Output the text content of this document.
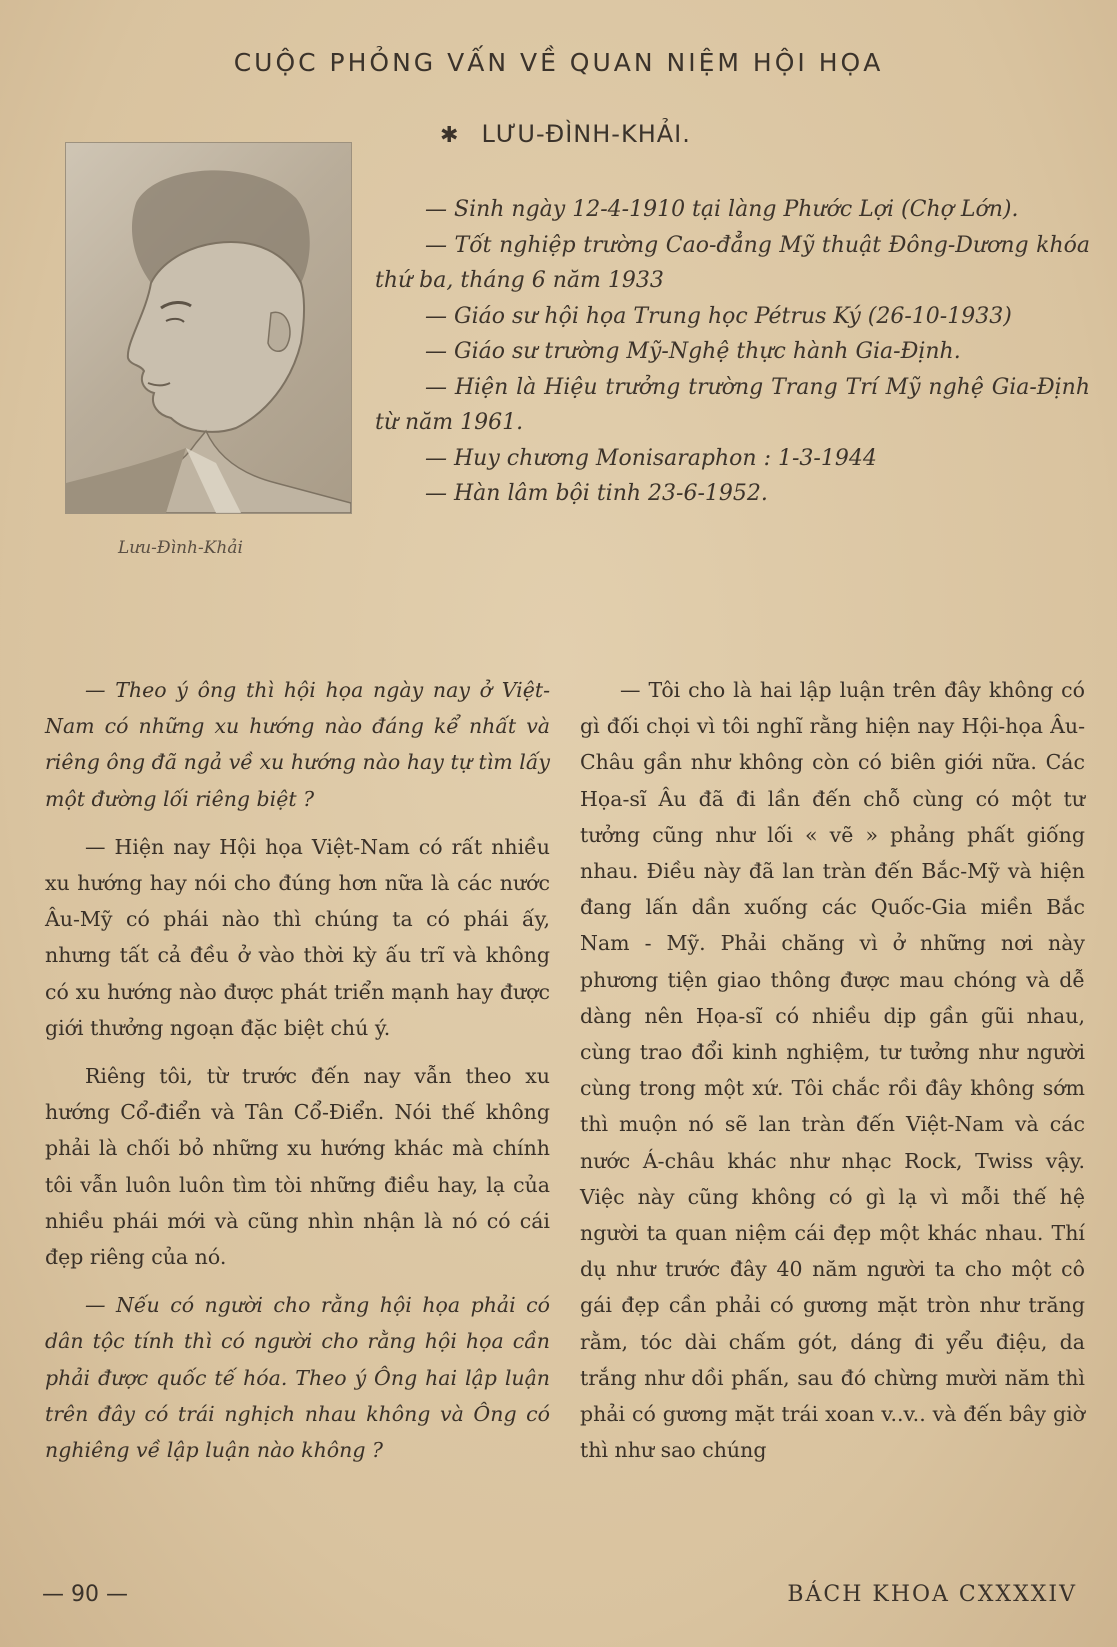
CUỘC PHỎNG VẤN VỀ QUAN NIỆM HỘI HỌA
✱ LƯU-ĐÌNH-KHẢI.
Lưu-Đình-Khải
— Sinh ngày 12-4-1910 tại làng Phước Lợi (Chợ Lớn).
— Tốt nghiệp trường Cao-đẳng Mỹ thuật Đông-Dương khóa thứ ba, tháng 6 năm 1933
— Giáo sư hội họa Trung học Pétrus Ký (26-10-1933)
— Giáo sư trường Mỹ-Nghệ thực hành Gia-Định.
— Hiện là Hiệu trưởng trường Trang Trí Mỹ nghệ Gia-Định từ năm 1961.
— Huy chương Monisaraphon : 1-3-1944
— Hàn lâm bội tinh 23-6-1952.

— Theo ý ông thì hội họa ngày nay ở Việt-Nam có những xu hướng nào đáng kể nhất và riêng ông đã ngả về xu hướng nào hay tự tìm lấy một đường lối riêng biệt ?

— Hiện nay Hội họa Việt-Nam có rất nhiều xu hướng hay nói cho đúng hơn nữa là các nước Âu-Mỹ có phái nào thì chúng ta có phái ấy, nhưng tất cả đều ở vào thời kỳ ấu trĩ và không có xu hướng nào được phát triển mạnh hay được giới thưởng ngoạn đặc biệt chú ý.

Riêng tôi, từ trước đến nay vẫn theo xu hướng Cổ-điển và Tân Cổ-Điển. Nói thế không phải là chối bỏ những xu hướng khác mà chính tôi vẫn luôn luôn tìm tòi những điều hay, lạ của nhiều phái mới và cũng nhìn nhận là nó có cái đẹp riêng của nó.

— Nếu có người cho rằng hội họa phải có dân tộc tính thì có người cho rằng hội họa cần phải được quốc tế hóa. Theo ý Ông hai lập luận trên đây có trái nghịch nhau không và Ông có nghiêng về lập luận nào không ?

— Tôi cho là hai lập luận trên đây không có gì đối chọi vì tôi nghĩ rằng hiện nay Hội-họa Âu-Châu gần như không còn có biên giới nữa. Các Họa-sĩ Âu đã đi lần đến chỗ cùng có một tư tưởng cũng như lối « vẽ » phảng phất giống nhau. Điều này đã lan tràn đến Bắc-Mỹ và hiện đang lấn dần xuống các Quốc-Gia miền Bắc Nam - Mỹ. Phải chăng vì ở những nơi này phương tiện giao thông được mau chóng và dễ dàng nên Họa-sĩ có nhiều dịp gần gũi nhau, cùng trao đổi kinh nghiệm, tư tưởng như người cùng trong một xứ. Tôi chắc rồi đây không sớm thì muộn nó sẽ lan tràn đến Việt-Nam và các nước Á-châu khác như nhạc Rock, Twiss vậy. Việc này cũng không có gì lạ vì mỗi thế hệ người ta quan niệm cái đẹp một khác nhau. Thí dụ như trước đây 40 năm người ta cho một cô gái đẹp cần phải có gương mặt tròn như trăng rằm, tóc dài chấm gót, dáng đi yểu điệu, da trắng như dồi phấn, sau đó chừng mười năm thì phải có gương mặt trái xoan v..v.. và đến bây giờ thì như sao chúng

— 90 —	BÁCH KHOA CXXXXIV
